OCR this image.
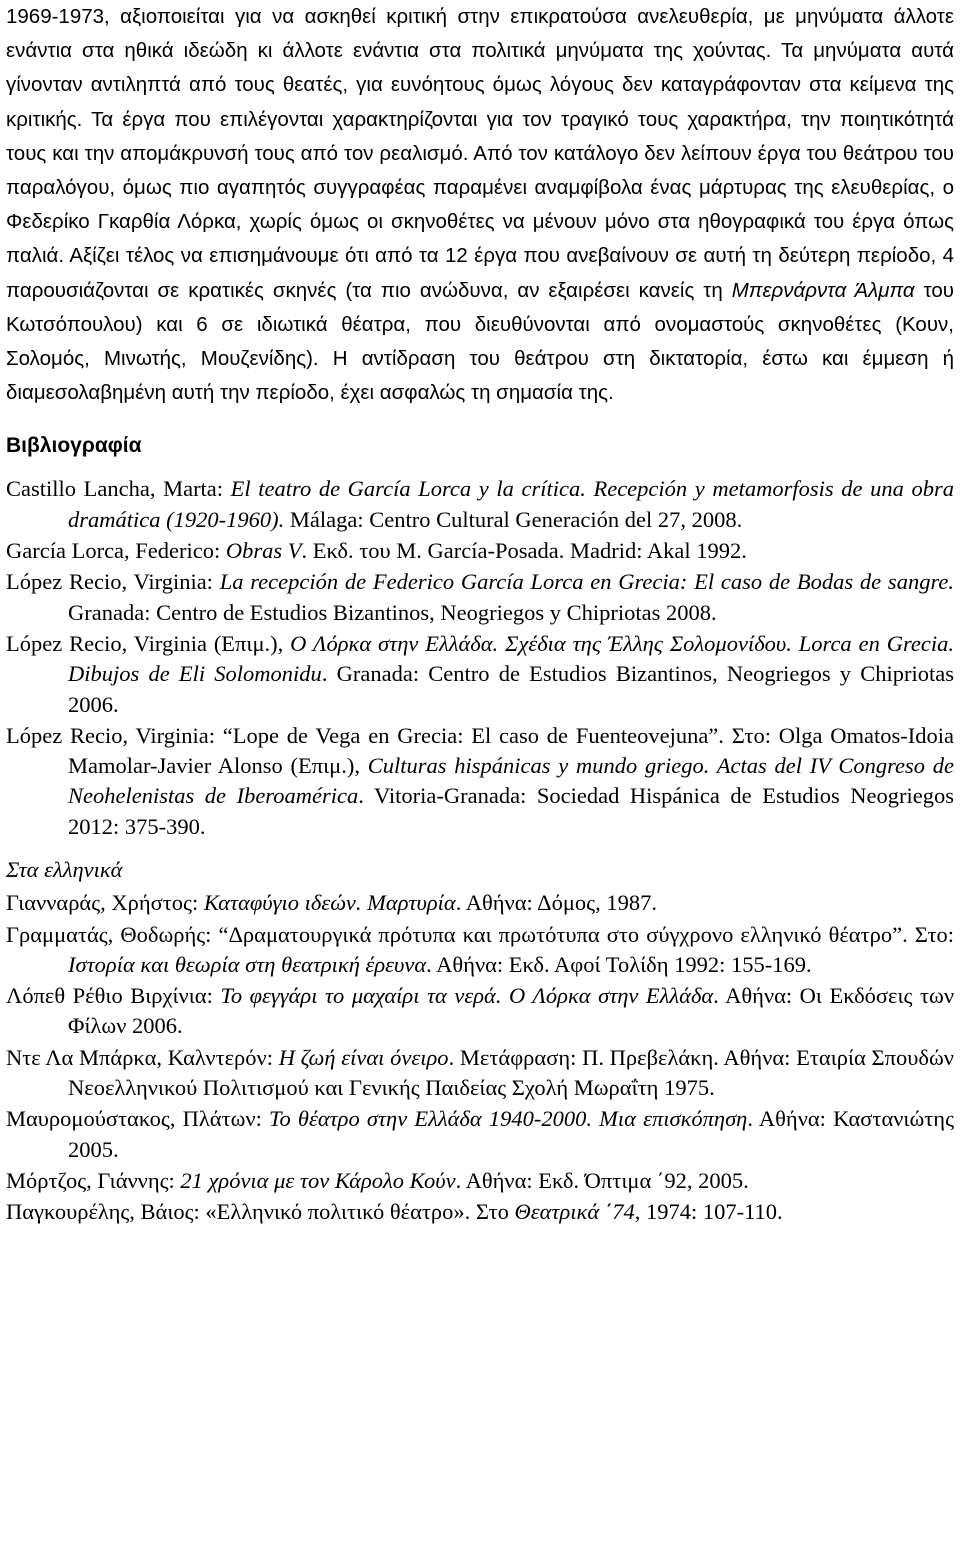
1969-1973, αξιοποιείται για να ασκηθεί κριτική στην επικρατούσα ανελευθερία, με μηνύματα άλλοτε ενάντια στα ηθικά ιδεώδη κι άλλοτε ενάντια στα πολιτικά μηνύματα της χούντας. Τα μηνύματα αυτά γίνονταν αντιληπτά από τους θεατές, για ευνόητους όμως λόγους δεν καταγράφονταν στα κείμενα της κριτικής. Τα έργα που επιλέγονται χαρακτηρίζονται για τον τραγικό τους χαρακτήρα, την ποιητικότητά τους και την απομάκρυνσή τους από τον ρεαλισμό. Από τον κατάλογο δεν λείπουν έργα του θεάτρου του παραλόγου, όμως πιο αγαπητός συγγραφέας παραμένει αναμφίβολα ένας μάρτυρας της ελευθερίας, ο Φεδερίκο Γκαρθία Λόρκα, χωρίς όμως οι σκηνοθέτες να μένουν μόνο στα ηθογραφικά του έργα όπως παλιά. Αξίζει τέλος να επισημάνουμε ότι από τα 12 έργα που ανεβαίνουν σε αυτή τη δεύτερη περίοδο, 4 παρουσιάζονται σε κρατικές σκηνές (τα πιο ανώδυνα, αν εξαιρέσει κανείς τη Μπερνάρντα Άλμπα του Κωτσόπουλου) και 6 σε ιδιωτικά θέατρα, που διευθύνονται από ονομαστούς σκηνοθέτες (Κουν, Σολομός, Μινωτής, Μουζενίδης). Η αντίδραση του θεάτρου στη δικτατορία, έστω και έμμεση ή διαμεσολαβημένη αυτή την περίοδο, έχει ασφαλώς τη σημασία της.

Βιβλιογραφία

Castillo Lancha, Marta: El teatro de García Lorca y la crítica. Recepción y metamorfosis de una obra dramática (1920-1960). Málaga: Centro Cultural Generación del 27, 2008.

García Lorca, Federico: Obras V. Εκδ. του M. García-Posada. Madrid: Akal 1992.

López Recio, Virginia: La recepción de Federico García Lorca en Grecia: El caso de Bodas de sangre. Granada: Centro de Estudios Bizantinos, Neogriegos y Chipriotas 2008.

López Recio, Virginia (Επιμ.), Ο Λόρκα στην Ελλάδα. Σχέδια της Έλλης Σολομονίδου. Lorca en Grecia. Dibujos de Eli Solomonidu. Granada: Centro de Estudios Bizantinos, Neogriegos y Chipriotas 2006.

López Recio, Virginia: “Lope de Vega en Grecia: El caso de Fuenteovejuna”. Στο: Olga Omatos-Idoia Mamolar-Javier Alonso (Επιμ.), Culturas hispánicas y mundo griego. Actas del IV Congreso de Neohelenistas de Iberoamérica. Vitoria-Granada: Sociedad Hispánica de Estudios Neogriegos 2012: 375-390.

Στα ελληνικά

Γιανναράς, Χρήστος: Καταφύγιο ιδεών. Μαρτυρία. Αθήνα: Δόμος, 1987.

Γραμματάς, Θοδωρής: “Δραματουργικά πρότυπα και πρωτότυπα στο σύγχρονο ελληνικό θέατρο”. Στο: Ιστορία και θεωρία στη θεατρική έρευνα. Αθήνα: Εκδ. Αφοί Τολίδη 1992: 155-169.

Λόπεθ Ρέθιο Βιρχίνια: Το φεγγάρι το μαχαίρι τα νερά. Ο Λόρκα στην Ελλάδα. Αθήνα: Οι Εκδόσεις των Φίλων 2006.

Ντε Λα Μπάρκα, Καλντερόν: Η ζωή είναι όνειρο. Μετάφραση: Π. Πρεβελάκη. Αθήνα: Εταιρία Σπουδών Νεοελληνικού Πολιτισμού και Γενικής Παιδείας Σχολή Μωραΐτη 1975.

Μαυρομούστακος, Πλάτων: Το θέατρο στην Ελλάδα 1940-2000. Μια επισκόπηση. Αθήνα: Καστανιώτης 2005.

Μόρτζος, Γιάννης: 21 χρόνια με τον Κάρολο Κούν. Αθήνα: Εκδ. Όπτιμα ΄92, 2005.

Παγκουρέλης, Βάιος: «Ελληνικό πολιτικό θέατρο». Στο Θεατρικά ΄74, 1974: 107-110.
